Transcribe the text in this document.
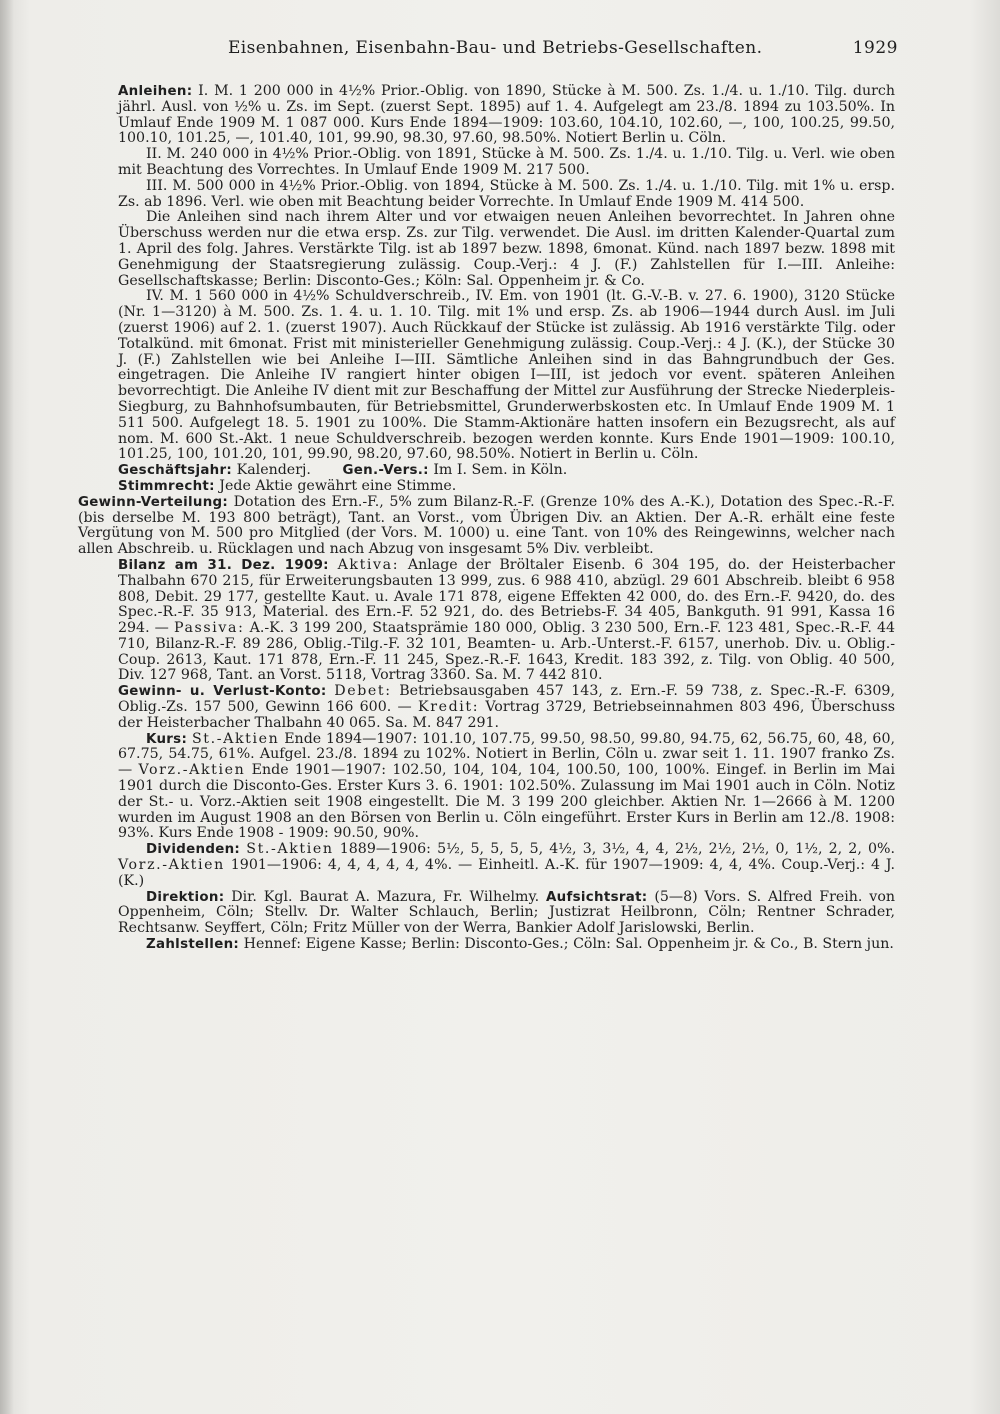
Eisenbahnen, Eisenbahn-Bau- und Betriebs-Gesellschaften.	1929

Anleihen: I. M. 1 200 000 in 4½% Prior.-Oblig. von 1890, Stücke à M. 500. Zs. 1./4. u. 1./10. Tilg. durch jährl. Ausl. von ½% u. Zs. im Sept. (zuerst Sept. 1895) auf 1. 4. Aufgelegt am 23./8. 1894 zu 103.50%. In Umlauf Ende 1909 M. 1 087 000. Kurs Ende 1894—1909: 103.60, 104.10, 102.60, —, 100, 100.25, 99.50, 100.10, 101.25, —, 101.40, 101, 99.90, 98.30, 97.60, 98.50%. Notiert Berlin u. Cöln.

II. M. 240 000 in 4½% Prior.-Oblig. von 1891, Stücke à M. 500. Zs. 1./4. u. 1./10. Tilg. u. Verl. wie oben mit Beachtung des Vorrechtes. In Umlauf Ende 1909 M. 217 500.

III. M. 500 000 in 4½% Prior.-Oblig. von 1894, Stücke à M. 500. Zs. 1./4. u. 1./10. Tilg. mit 1% u. ersp. Zs. ab 1896. Verl. wie oben mit Beachtung beider Vorrechte. In Umlauf Ende 1909 M. 414 500.

Die Anleihen sind nach ihrem Alter und vor etwaigen neuen Anleihen bevorrechtet. In Jahren ohne Überschuss werden nur die etwa ersp. Zs. zur Tilg. verwendet. Die Ausl. im dritten Kalender-Quartal zum 1. April des folg. Jahres. Verstärkte Tilg. ist ab 1897 bezw. 1898, 6monat. Künd. nach 1897 bezw. 1898 mit Genehmigung der Staatsregierung zulässig. Coup.-Verj.: 4 J. (F.) Zahlstellen für I.—III. Anleihe: Gesellschaftskasse; Berlin: Disconto-Ges.; Köln: Sal. Oppenheim jr. & Co.

IV. M. 1 560 000 in 4½% Schuldverschreib., IV. Em. von 1901 (lt. G.-V.-B. v. 27. 6. 1900), 3120 Stücke (Nr. 1—3120) à M. 500. Zs. 1. 4. u. 1. 10. Tilg. mit 1% und ersp. Zs. ab 1906—1944 durch Ausl. im Juli (zuerst 1906) auf 2. 1. (zuerst 1907). Auch Rückkauf der Stücke ist zulässig. Ab 1916 verstärkte Tilg. oder Totalkünd. mit 6monat. Frist mit ministerieller Genehmigung zulässig. Coup.-Verj.: 4 J. (K.), der Stücke 30 J. (F.) Zahlstellen wie bei Anleihe I—III. Sämtliche Anleihen sind in das Bahngrundbuch der Ges. eingetragen. Die Anleihe IV rangiert hinter obigen I—III, ist jedoch vor event. späteren Anleihen bevorrechtigt. Die Anleihe IV dient mit zur Beschaffung der Mittel zur Ausführung der Strecke Niederpleis-Siegburg, zu Bahnhofsumbauten, für Betriebsmittel, Grunderwerbskosten etc. In Umlauf Ende 1909 M. 1 511 500. Aufgelegt 18. 5. 1901 zu 100%. Die Stamm-Aktionäre hatten insofern ein Bezugsrecht, als auf nom. M. 600 St.-Akt. 1 neue Schuldverschreib. bezogen werden konnte. Kurs Ende 1901—1909: 100.10, 101.25, 100, 101.20, 101, 99.90, 98.20, 97.60, 98.50%. Notiert in Berlin u. Cöln.

Geschäftsjahr: Kalenderj. Gen.-Vers.: Im I. Sem. in Köln.

Stimmrecht: Jede Aktie gewährt eine Stimme.

Gewinn-Verteilung: Dotation des Ern.-F., 5% zum Bilanz-R.-F. (Grenze 10% des A.-K.), Dotation des Spec.-R.-F. (bis derselbe M. 193 800 beträgt), Tant. an Vorst., vom Übrigen Div. an Aktien. Der A.-R. erhält eine feste Vergütung von M. 500 pro Mitglied (der Vors. M. 1000) u. eine Tant. von 10% des Reingewinns, welcher nach allen Abschreib. u. Rücklagen und nach Abzug von insgesamt 5% Div. verbleibt.

Bilanz am 31. Dez. 1909: Aktiva: Anlage der Bröltaler Eisenb. 6 304 195, do. der Heisterbacher Thalbahn 670 215, für Erweiterungsbauten 13 999, zus. 6 988 410, abzügl. 29 601 Abschreib. bleibt 6 958 808, Debit. 29 177, gestellte Kaut. u. Avale 171 878, eigene Effekten 42 000, do. des Ern.-F. 9420, do. des Spec.-R.-F. 35 913, Material. des Ern.-F. 52 921, do. des Betriebs-F. 34 405, Bankguth. 91 991, Kassa 16 294. — Passiva: A.-K. 3 199 200, Staatsprämie 180 000, Oblig. 3 230 500, Ern.-F. 123 481, Spec.-R.-F. 44 710, Bilanz-R.-F. 89 286, Oblig.-Tilg.-F. 32 101, Beamten- u. Arb.-Unterst.-F. 6157, unerhob. Div. u. Oblig.-Coup. 2613, Kaut. 171 878, Ern.-F. 11 245, Spez.-R.-F. 1643, Kredit. 183 392, z. Tilg. von Oblig. 40 500, Div. 127 968, Tant. an Vorst. 5118, Vortrag 3360. Sa. M. 7 442 810.

Gewinn- u. Verlust-Konto: Debet: Betriebsausgaben 457 143, z. Ern.-F. 59 738, z. Spec.-R.-F. 6309, Oblig.-Zs. 157 500, Gewinn 166 600. — Kredit: Vortrag 3729, Betriebseinnahmen 803 496, Überschuss der Heisterbacher Thalbahn 40 065. Sa. M. 847 291.

Kurs: St.-Aktien Ende 1894—1907: 101.10, 107.75, 99.50, 98.50, 99.80, 94.75, 62, 56.75, 60, 48, 60, 67.75, 54.75, 61%. Aufgel. 23./8. 1894 zu 102%. Notiert in Berlin, Cöln u. zwar seit 1. 11. 1907 franko Zs. — Vorz.-Aktien Ende 1901—1907: 102.50, 104, 104, 104, 100.50, 100, 100%. Eingef. in Berlin im Mai 1901 durch die Disconto-Ges. Erster Kurs 3. 6. 1901: 102.50%. Zulassung im Mai 1901 auch in Cöln. Notiz der St.- u. Vorz.-Aktien seit 1908 eingestellt. Die M. 3 199 200 gleichber. Aktien Nr. 1—2666 à M. 1200 wurden im August 1908 an den Börsen von Berlin u. Cöln eingeführt. Erster Kurs in Berlin am 12./8. 1908: 93%. Kurs Ende 1908 - 1909: 90.50, 90%.

Dividenden: St.-Aktien 1889—1906: 5½, 5, 5, 5, 5, 4½, 3, 3½, 4, 4, 2½, 2½, 2½, 0, 1½, 2, 2, 0%. Vorz.-Aktien 1901—1906: 4, 4, 4, 4, 4, 4%. — Einheitl. A.-K. für 1907—1909: 4, 4, 4%. Coup.-Verj.: 4 J. (K.)

Direktion: Dir. Kgl. Baurat A. Mazura, Fr. Wilhelmy. Aufsichtsrat: (5—8) Vors. S. Alfred Freih. von Oppenheim, Cöln; Stellv. Dr. Walter Schlauch, Berlin; Justizrat Heilbronn, Cöln; Rentner Schrader, Rechtsanw. Seyffert, Cöln; Fritz Müller von der Werra, Bankier Adolf Jarislowski, Berlin.

Zahlstellen: Hennef: Eigene Kasse; Berlin: Disconto-Ges.; Cöln: Sal. Oppenheim jr. & Co., B. Stern jun.
